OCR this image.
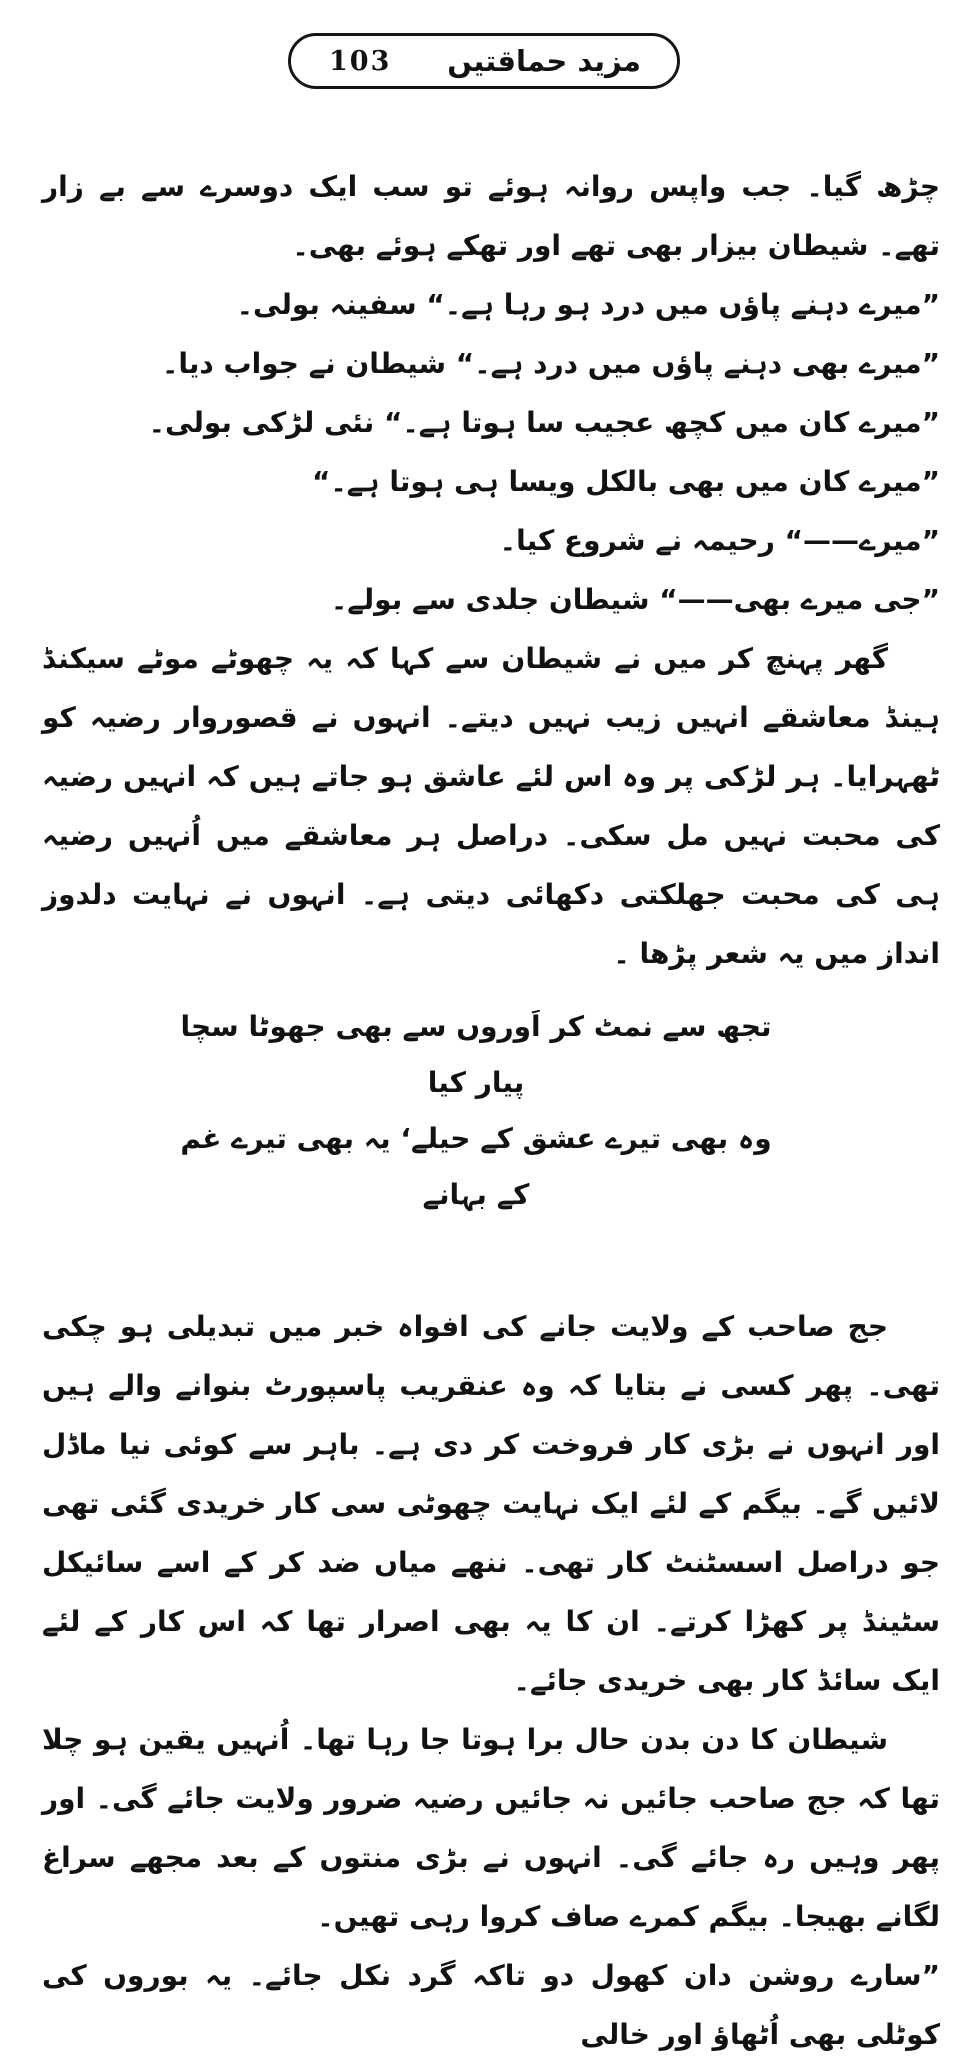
مزید حماقتیں
103

چڑھ گیا۔ جب واپس روانہ ہوئے تو سب ایک دوسرے سے بے زار تھے۔ شیطان بیزار بھی تھے اور تھکے ہوئے بھی۔

”میرے دہنے پاؤں میں درد ہو رہا ہے۔“ سفینہ بولی۔

”میرے بھی دہنے پاؤں میں درد ہے۔“ شیطان نے جواب دیا۔

”میرے کان میں کچھ عجیب سا ہوتا ہے۔“ نئی لڑکی بولی۔

”میرے کان میں بھی بالکل ویسا ہی ہوتا ہے۔“

”میرے——“ رحیمہ نے شروع کیا۔

”جی میرے بھی——“ شیطان جلدی سے بولے۔

گھر پہنچ کر میں نے شیطان سے کہا کہ یہ چھوٹے موٹے سیکنڈ ہینڈ معاشقے انہیں زیب نہیں دیتے۔ انہوں نے قصوروار رضیہ کو ٹھہرایا۔ ہر لڑکی پر وہ اس لئے عاشق ہو جاتے ہیں کہ انہیں رضیہ کی محبت نہیں مل سکی۔ دراصل ہر معاشقے میں اُنہیں رضیہ ہی کی محبت جھلکتی دکھائی دیتی ہے۔ انہوں نے نہایت دلدوز انداز میں یہ شعر پڑھا ۔

تجھ سے نمٹ کر اَوروں سے بھی جھوٹا سچا پیار کیا

وہ بھی تیرے عشق کے حیلے‘ یہ بھی تیرے غم کے بہانے

جج صاحب کے ولایت جانے کی افواہ خبر میں تبدیلی ہو چکی تھی۔ پھر کسی نے بتایا کہ وہ عنقریب پاسپورٹ بنوانے والے ہیں اور انہوں نے بڑی کار فروخت کر دی ہے۔ باہر سے کوئی نیا ماڈل لائیں گے۔ بیگم کے لئے ایک نہایت چھوٹی سی کار خریدی گئی تھی جو دراصل اسسٹنٹ کار تھی۔ ننھے میاں ضد کر کے اسے سائیکل سٹینڈ پر کھڑا کرتے۔ ان کا یہ بھی اصرار تھا کہ اس کار کے لئے ایک سائڈ کار بھی خریدی جائے۔

شیطان کا دن بدن حال برا ہوتا جا رہا تھا۔ اُنہیں یقین ہو چلا تھا کہ جج صاحب جائیں نہ جائیں رضیہ ضرور ولایت جائے گی۔ اور پھر وہیں رہ جائے گی۔ انہوں نے بڑی منتوں کے بعد مجھے سراغ لگانے بھیجا۔ بیگم کمرے صاف کروا رہی تھیں۔

”سارے روشن دان کھول دو تاکہ گرد نکل جائے۔ یہ بوروں کی کوٹلی بھی اُٹھاؤ اور خالی
